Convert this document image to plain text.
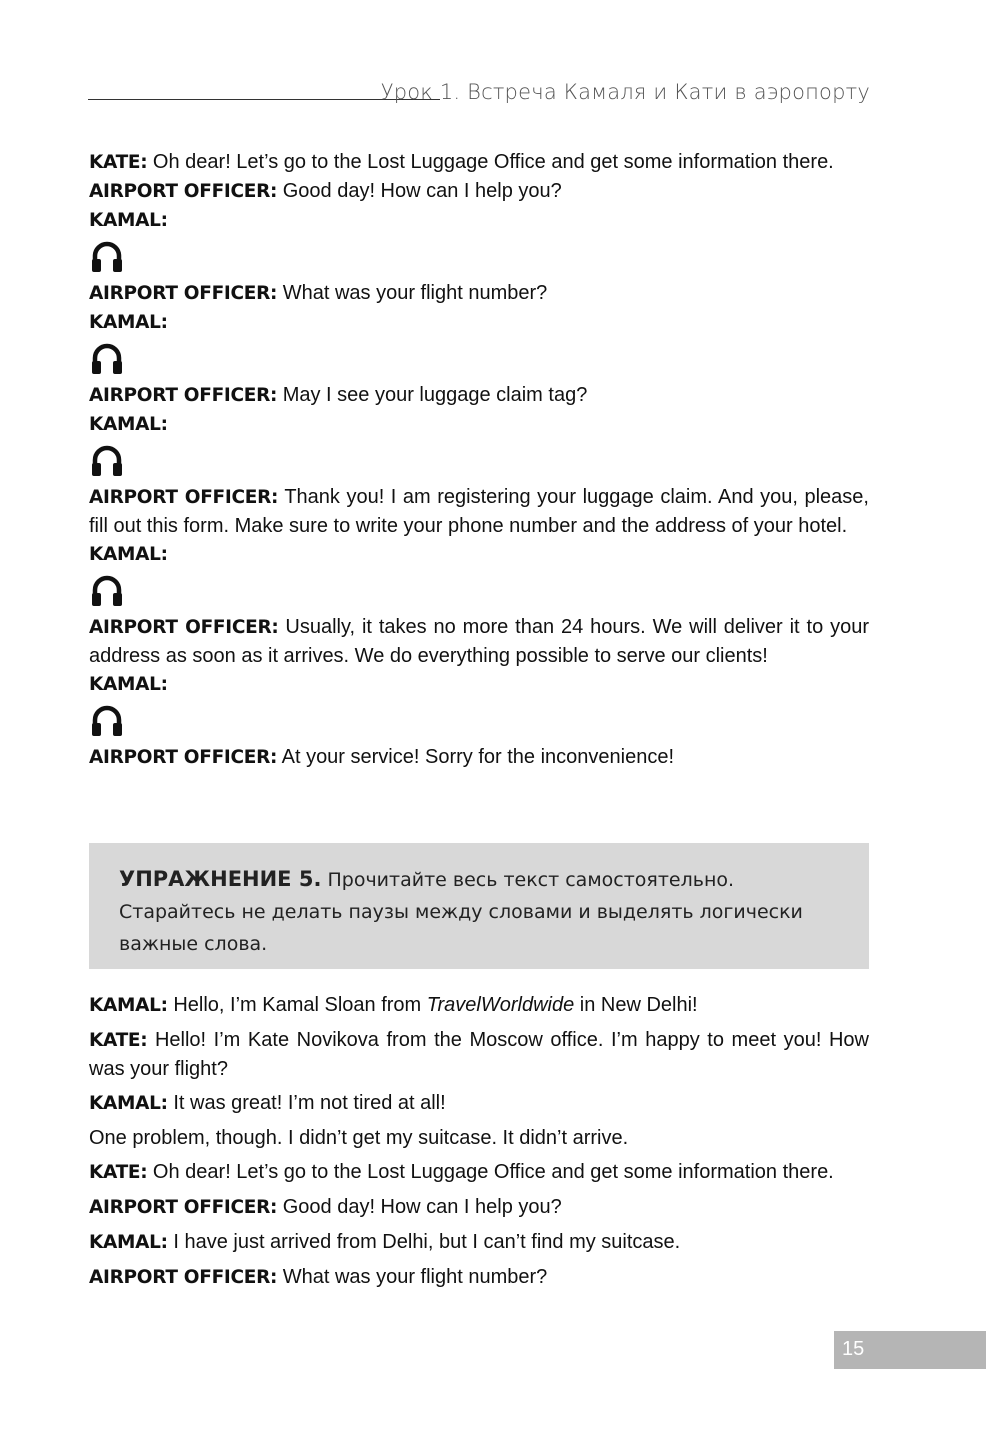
Урок 1. Встреча Камаля и Кати в аэропорту

KATE: Oh dear! Let’s go to the Lost Luggage Office and get some information there.

AIRPORT OFFICER: Good day! How can I help you?

KAMAL:

AIRPORT OFFICER: What was your flight number?

KAMAL:

AIRPORT OFFICER: May I see your luggage claim tag?

KAMAL:

AIRPORT OFFICER: Thank you! I am registering your luggage claim. And you, please, fill out this form. Make sure to write your phone number and the address of your hotel.

KAMAL:

AIRPORT OFFICER: Usually, it takes no more than 24 hours. We will deliver it to your address as soon as it arrives. We do everything possible to serve our clients!

KAMAL:

AIRPORT OFFICER: At your service! Sorry for the inconvenience!

УПРАЖНЕНИЕ 5. Прочитайте весь текст самостоятельно. Старайтесь не делать паузы между словами и выделять логически важные слова.

KAMAL: Hello, I’m Kamal Sloan from TravelWorldwide in New Delhi!

KATE: Hello! I’m Kate Novikova from the Moscow office. I’m happy to meet you! How was your flight?

KAMAL: It was great! I’m not tired at all!

One problem, though. I didn’t get my suitcase. It didn’t arrive.

KATE: Oh dear! Let’s go to the Lost Luggage Office and get some information there.

AIRPORT OFFICER: Good day! How can I help you?

KAMAL: I have just arrived from Delhi, but I can’t find my suitcase.

AIRPORT OFFICER: What was your flight number?

15
